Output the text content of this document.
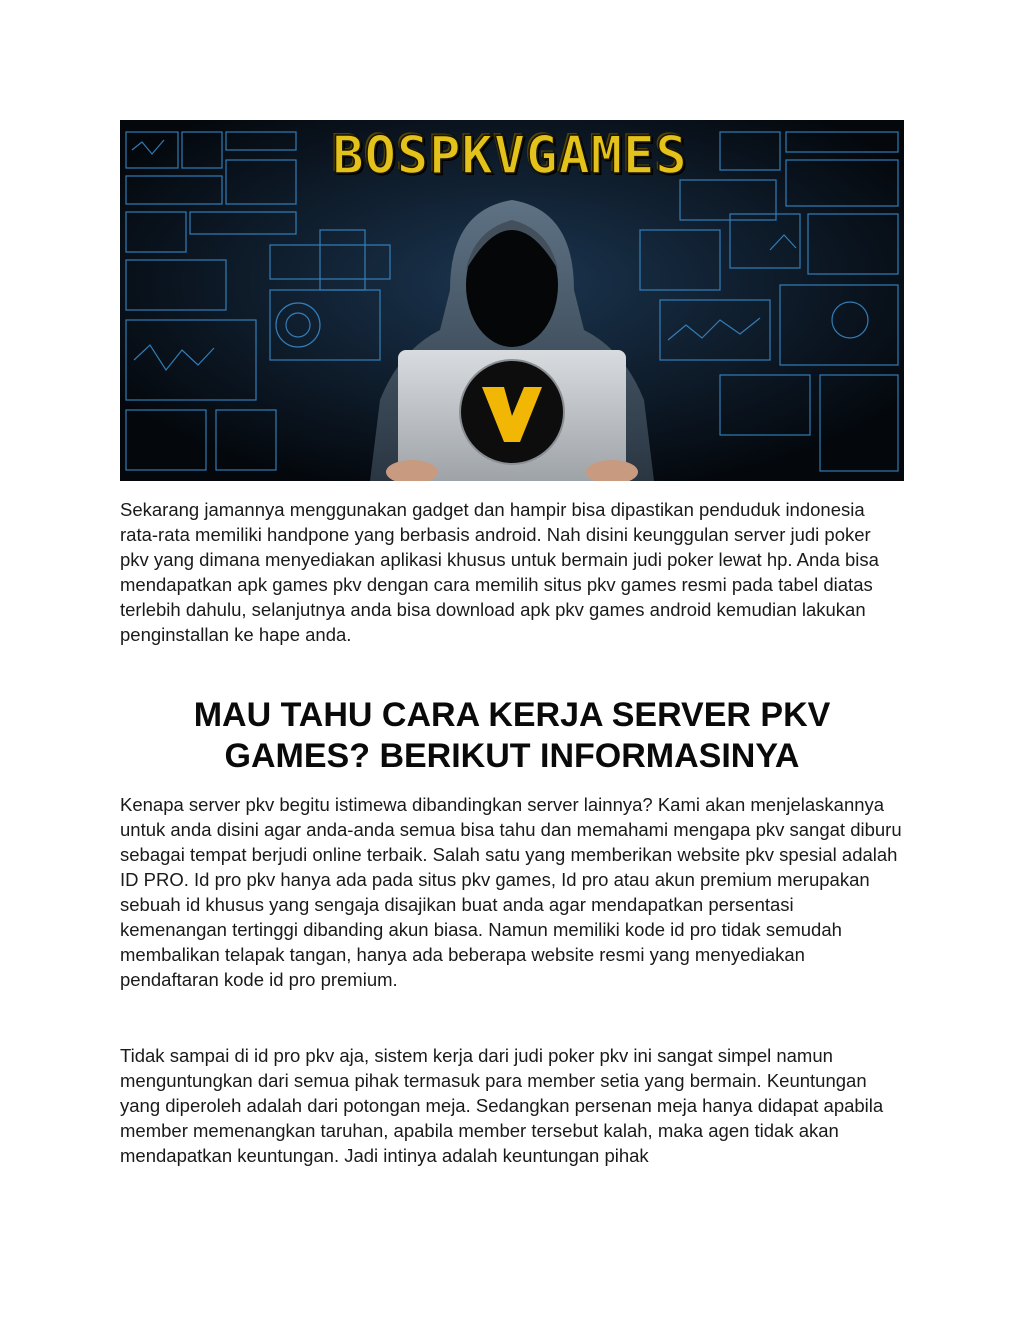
BOSPKVGAMES

Sekarang jamannya menggunakan gadget dan hampir bisa dipastikan penduduk indonesia rata-rata memiliki handpone yang berbasis android. Nah disini keunggulan server judi poker pkv yang dimana menyediakan aplikasi khusus untuk bermain judi poker lewat hp. Anda bisa mendapatkan apk games pkv dengan cara memilih situs pkv games resmi pada tabel diatas terlebih dahulu, selanjutnya anda bisa download apk pkv games android kemudian lakukan penginstallan ke hape anda.

MAU TAHU CARA KERJA SERVER PKV GAMES? BERIKUT INFORMASINYA

Kenapa server pkv begitu istimewa dibandingkan server lainnya? Kami akan menjelaskannya untuk anda disini agar anda-anda semua bisa tahu dan memahami mengapa pkv sangat diburu sebagai tempat berjudi online terbaik. Salah satu yang memberikan website pkv spesial adalah ID PRO. Id pro pkv hanya ada pada situs pkv games, Id pro atau akun premium merupakan sebuah id khusus yang sengaja disajikan buat anda agar mendapatkan persentasi kemenangan tertinggi dibanding akun biasa. Namun memiliki kode id pro tidak semudah membalikan telapak tangan, hanya ada beberapa website resmi yang menyediakan pendaftaran kode id pro premium.

Tidak sampai di id pro pkv aja, sistem kerja dari judi poker pkv ini sangat simpel namun menguntungkan dari semua pihak termasuk para member setia yang bermain. Keuntungan yang diperoleh adalah dari potongan meja. Sedangkan persenan meja hanya didapat apabila member memenangkan taruhan, apabila member tersebut kalah, maka agen tidak akan mendapatkan keuntungan. Jadi intinya adalah keuntungan pihak
